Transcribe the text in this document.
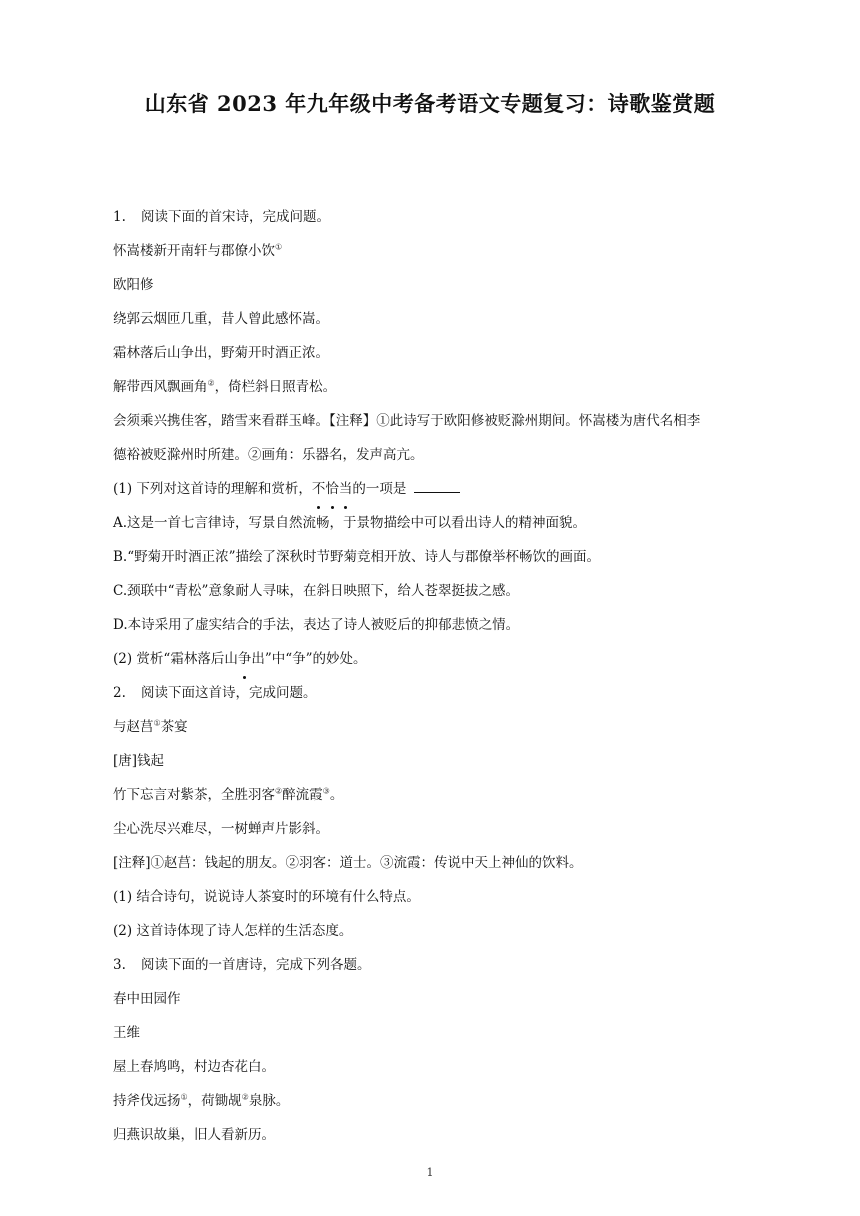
山东省 2023 年九年级中考备考语文专题复习：诗歌鉴赏题
1. 阅读下面的首宋诗，完成问题。
怀嵩楼新开南轩与郡僚小饮①
欧阳修
绕郭云烟匝几重，昔人曾此感怀嵩。
霜林落后山争出，野菊开时酒正浓。
解带西风飘画角②，倚栏斜日照青松。
会须乘兴携佳客，踏雪来看群玉峰。【注释】①此诗写于欧阳修被贬滁州期间。怀嵩楼为唐代名相李
德裕被贬滁州时所建。②画角：乐器名，发声高亢。
(1) 下列对这首诗的理解和赏析，不恰当的一项是
A.这是一首七言律诗，写景自然流畅，于景物描绘中可以看出诗人的精神面貌。
B.“野菊开时酒正浓”描绘了深秋时节野菊竞相开放、诗人与郡僚举杯畅饮的画面。
C.颈联中“青松”意象耐人寻味，在斜日映照下，给人苍翠挺拔之感。
D.本诗采用了虚实结合的手法，表达了诗人被贬后的抑郁悲愤之情。
(2) 赏析“霜林落后山争出”中“争”的妙处。
2. 阅读下面这首诗，完成问题。
与赵莒①茶宴
[唐]钱起
竹下忘言对紫茶，全胜羽客②醉流霞③。
尘心洗尽兴难尽，一树蝉声片影斜。
[注释]①赵莒：钱起的朋友。②羽客：道士。③流霞：传说中天上神仙的饮料。
(1) 结合诗句，说说诗人茶宴时的环境有什么特点。
(2) 这首诗体现了诗人怎样的生活态度。
3. 阅读下面的一首唐诗，完成下列各题。
春中田园作
王维
屋上春鸠鸣，村边杏花白。
持斧伐远扬①，荷锄觇②泉脉。
归燕识故巢，旧人看新历。
1
